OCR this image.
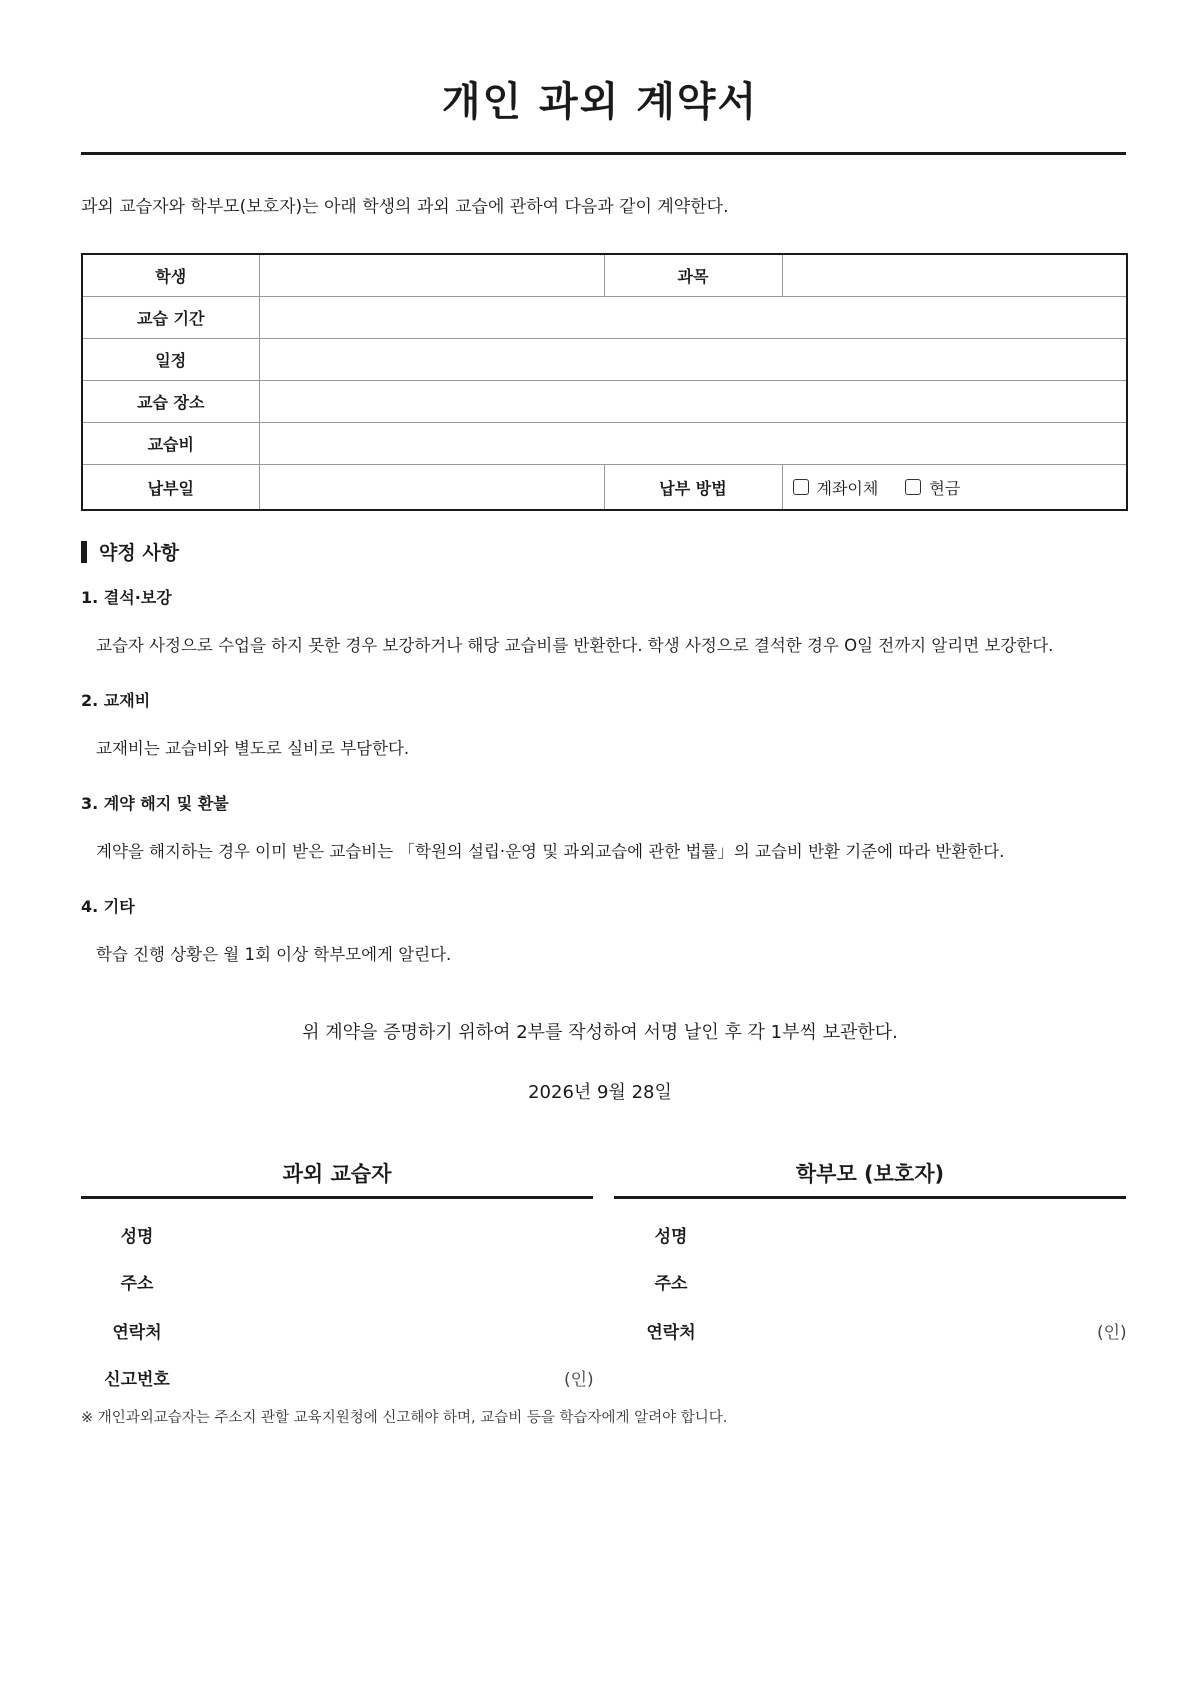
개인 과외 계약서
과외 교습자와 학부모(보호자)는 아래 학생의 과외 교습에 관하여 다음과 같이 계약한다.
학생		과목	
교습 기간			
일정			
교습 장소			
교습비			
납부일		납부 방법	계좌이체 현금
약정 사항
1. 결석·보강
교습자 사정으로 수업을 하지 못한 경우 보강하거나 해당 교습비를 반환한다. 학생 사정으로 결석한 경우 O일 전까지 알리면 보강한다.
2. 교재비
교재비는 교습비와 별도로 실비로 부담한다.
3. 계약 해지 및 환불
계약을 해지하는 경우 이미 받은 교습비는 「학원의 설립·운영 및 과외교습에 관한 법률」의 교습비 반환 기준에 따라 반환한다.
4. 기타
학습 진행 상황은 월 1회 이상 학부모에게 알린다.
위 계약을 증명하기 위하여 2부를 작성하여 서명 날인 후 각 1부씩 보관한다.
2026년 9월 28일
과외 교습자
성명
주소
연락처
신고번호	(인)
학부모 (보호자)
성명
주소
연락처	(인)
※ 개인과외교습자는 주소지 관할 교육지원청에 신고해야 하며, 교습비 등을 학습자에게 알려야 합니다.
